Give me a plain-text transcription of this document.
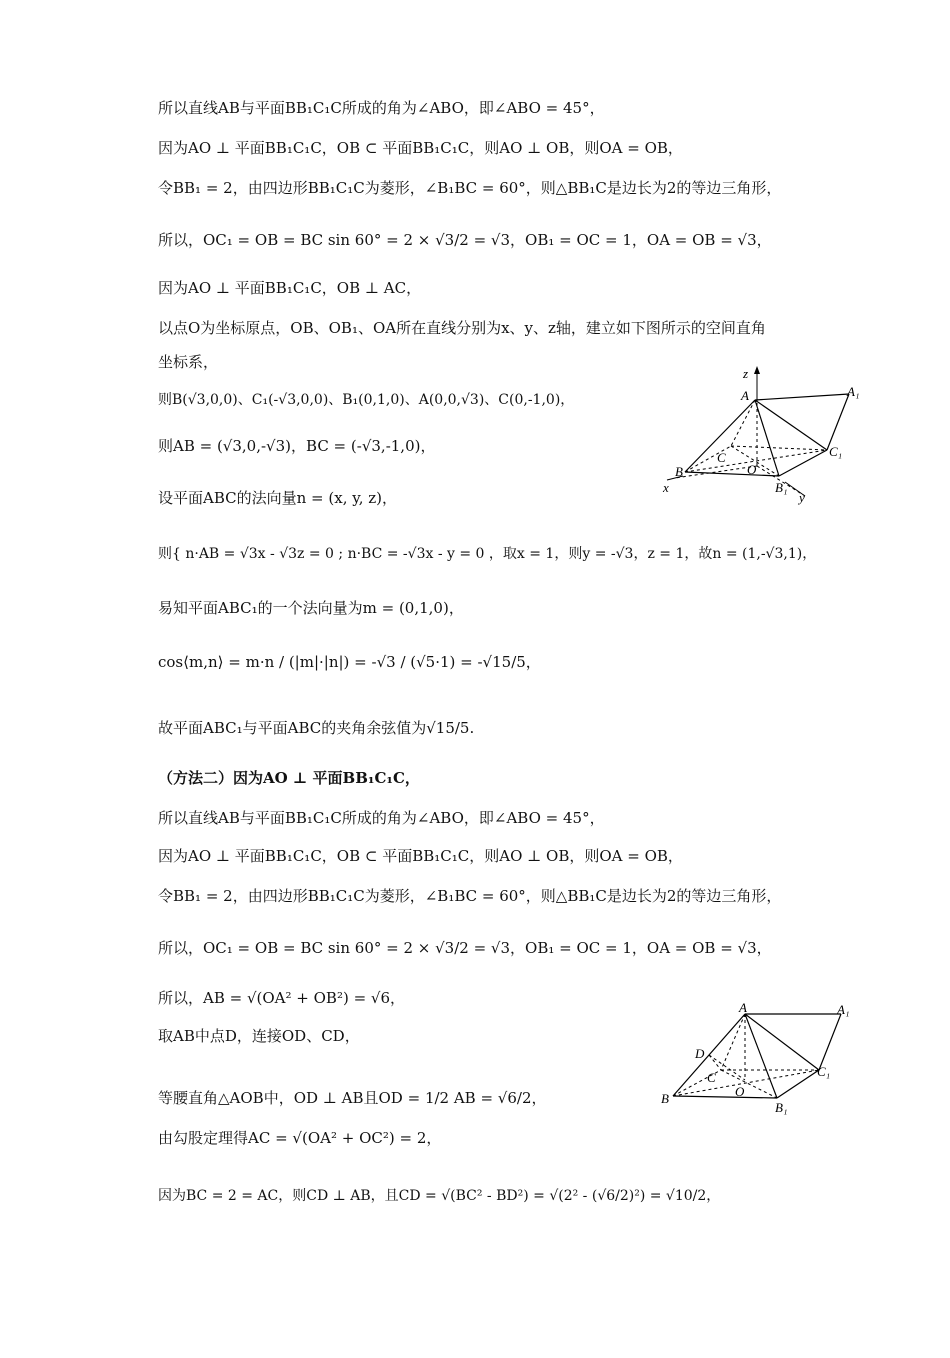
所以直线AB与平面BB₁C₁C所成的角为∠ABO，即∠ABO = 45°，
因为AO ⊥ 平面BB₁C₁C，OB ⊂ 平面BB₁C₁C，则AO ⊥ OB，则OA = OB，
令BB₁ = 2，由四边形BB₁C₁C为菱形，∠B₁BC = 60°，则△BB₁C是边长为2的等边三角形，
所以，OC₁ = OB = BC sin 60° = 2 × √3/2 = √3，OB₁ = OC = 1，OA = OB = √3，
因为AO ⊥ 平面BB₁C₁C，OB ⊥ AC，
以点O为坐标原点，OB、OB₁、OA所在直线分别为x、y、z轴，建立如下图所示的空间直角
坐标系，
则B(√3,0,0)、C₁(-√3,0,0)、B₁(0,1,0)、A(0,0,√3)、C(0,-1,0)，
则AB = (√3,0,-√3)，BC = (-√3,-1,0)，
设平面ABC的法向量n = (x, y, z)，
则{ n·AB = √3x - √3z = 0 ; n·BC = -√3x - y = 0 ，取x = 1，则y = -√3，z = 1，故n = (1,-√3,1)，
易知平面ABC₁的一个法向量为m = (0,1,0)，
cos⟨m,n⟩ = m·n / (|m|·|n|) = -√3 / (√5·1) = -√15/5，
故平面ABC₁与平面ABC的夹角余弦值为√15/5.
（方法二）因为AO ⊥ 平面BB₁C₁C，
所以直线AB与平面BB₁C₁C所成的角为∠ABO，即∠ABO = 45°，
因为AO ⊥ 平面BB₁C₁C，OB ⊂ 平面BB₁C₁C，则AO ⊥ OB，则OA = OB，
令BB₁ = 2，由四边形BB₁C₁C为菱形，∠B₁BC = 60°，则△BB₁C是边长为2的等边三角形，
所以，OC₁ = OB = BC sin 60° = 2 × √3/2 = √3，OB₁ = OC = 1，OA = OB = √3，
所以，AB = √(OA² + OB²) = √6，
取AB中点D，连接OD、CD，
等腰直角△AOB中，OD ⊥ AB且OD = 1/2 AB = √6/2，
由勾股定理得AC = √(OA² + OC²) = 2，
因为BC = 2 = AC，则CD ⊥ AB，且CD = √(BC² - BD²) = √(2² - (√6/2)²) = √10/2，
z
A	A₁
C	C₁
O
B
B₁
x
y
A	A₁
D
C	C₁
O
B
B₁
